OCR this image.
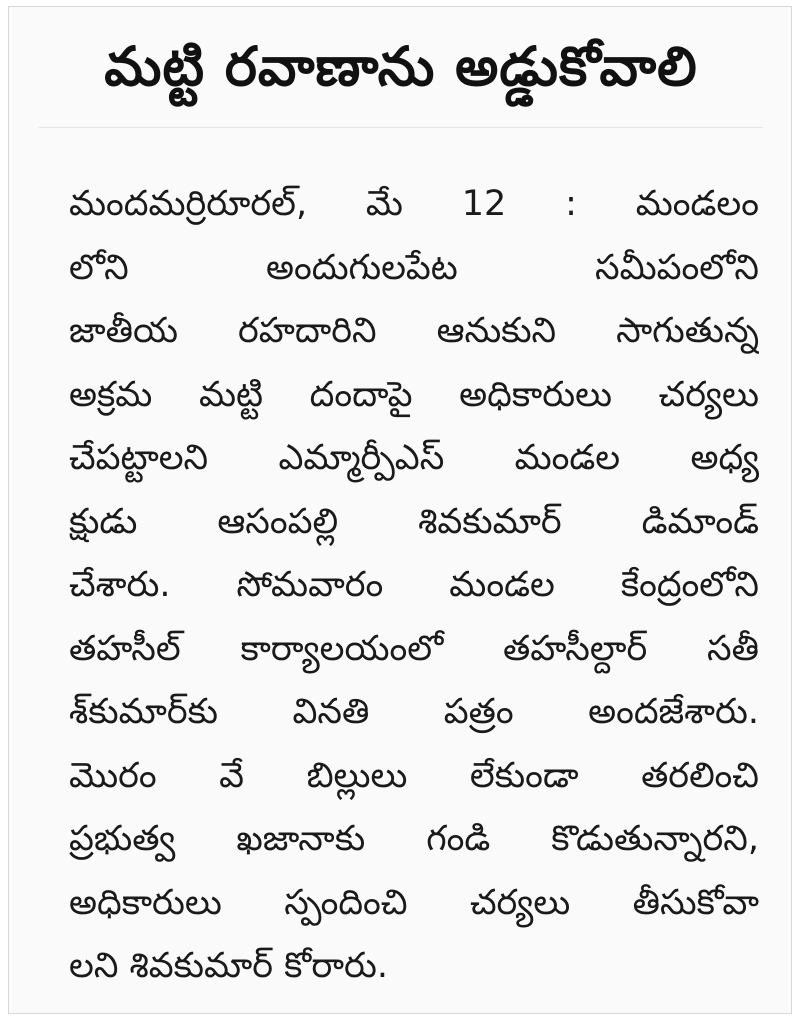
మట్టి రవాణాను అడ్డుకోవాలి
మందమర్రిరూరల్‌, మే 12 : మండలం
లోని అందుగులపేట సమీపంలోని
జాతీయ రహదారిని ఆనుకుని సాగుతున్న
అక్రమ మట్టి దందాపై అధికారులు చర్యలు
చేపట్టాలని ఎమ్మార్పీఎస్‌ మండల అధ్య
క్షుడు ఆసంపల్లి శివకుమార్‌ డిమాండ్‌
చేశారు. సోమవారం మండల కేంద్రంలోని
తహసీల్‌ కార్యాలయంలో తహసీల్దార్‌ సతీ
శ్‌కుమార్‌కు వినతి పత్రం అందజేశారు.
మొరం వే బిల్లులు లేకుండా తరలించి
ప్రభుత్వ ఖజానాకు గండి కొడుతున్నారని,
అధికారులు స్పందించి చర్యలు తీసుకోవా
లని శివకుమార్‌ కోరారు.
